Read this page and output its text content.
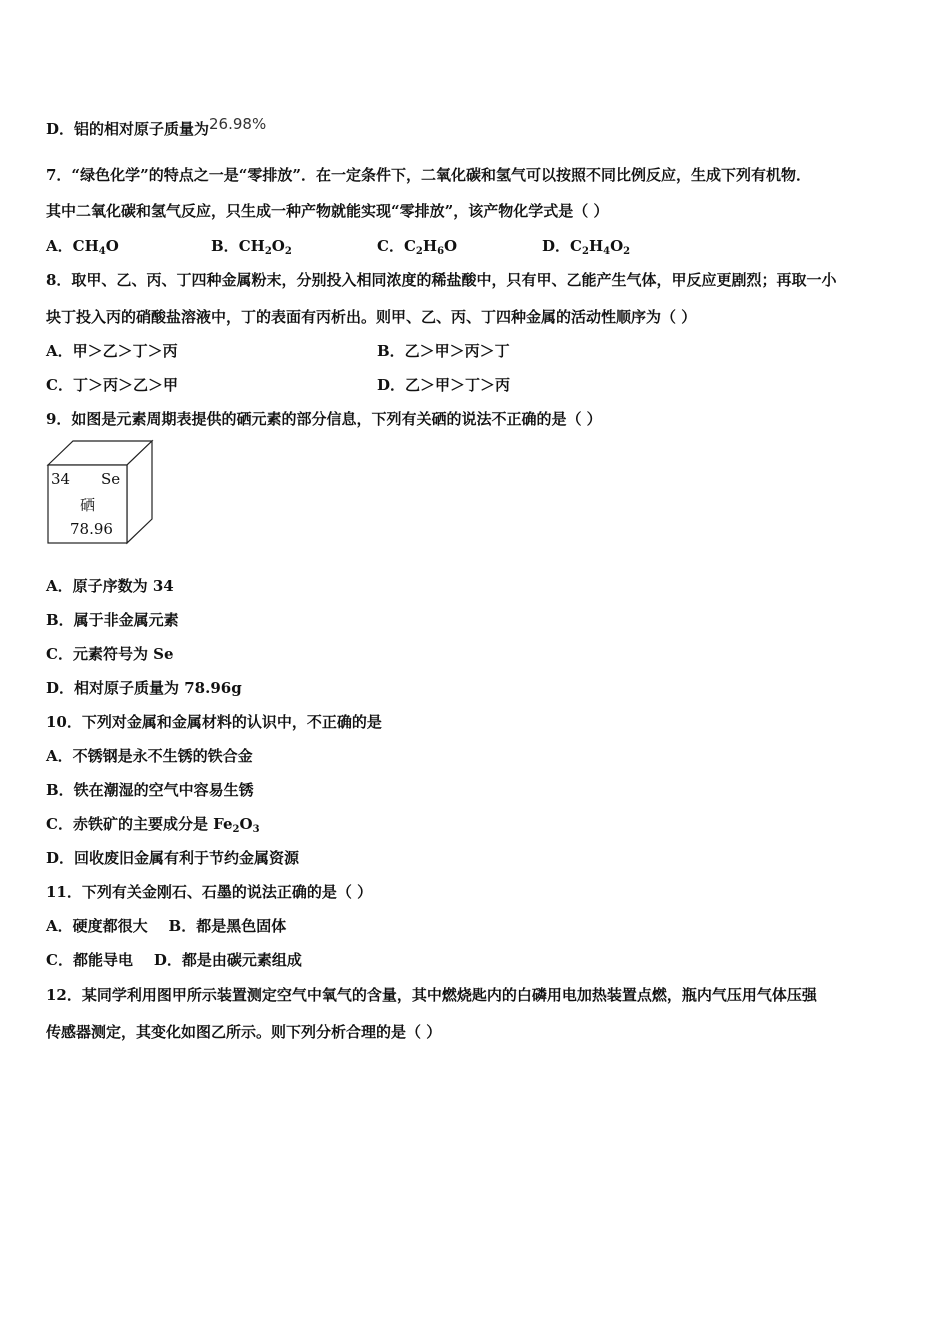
D．铝的相对原子质量为26.98%
7．“绿色化学”的特点之一是“零排放”．在一定条件下，二氧化碳和氢气可以按照不同比例反应，生成下列有机物．
其中二氧化碳和氢气反应，只生成一种产物就能实现“零排放”，该产物化学式是（ ）
A．$CH_4O$	B．$CH_2O_2$	C．$C_2H_6O$	D．$C_2H_4O_2$
8．取甲、乙、丙、丁四种金属粉末，分别投入相同浓度的稀盐酸中，只有甲、乙能产生气体，甲反应更剧烈；再取一小
块丁投入丙的硝酸盐溶液中，丁的表面有丙析出。则甲、乙、丙、丁四种金属的活动性顺序为（ ）
A．甲＞乙＞丁＞丙	B．乙＞甲＞丙＞丁
C．丁＞丙＞乙＞甲	D．乙＞甲＞丁＞丙
9．如图是元素周期表提供的硒元素的部分信息，下列有关硒的说法不正确的是（ ）
34 Se
硒
78.96
A．原子序数为 34
B．属于非金属元素
C．元素符号为 Se
D．相对原子质量为 78.96g
10．下列对金属和金属材料的认识中，不正确的是
A．不锈钢是永不生锈的铁合金
B．铁在潮湿的空气中容易生锈
C．赤铁矿的主要成分是 $Fe_2O_3$
D．回收废旧金属有利于节约金属资源
11．下列有关金刚石、石墨的说法正确的是（ ）
A．硬度都很大    B．都是黑色固体
C．都能导电    D．都是由碳元素组成
12．某同学利用图甲所示装置测定空气中氧气的含量，其中燃烧匙内的白磷用电加热装置点燃，瓶内气压用气体压强
传感器测定，其变化如图乙所示。则下列分析合理的是（ ）
